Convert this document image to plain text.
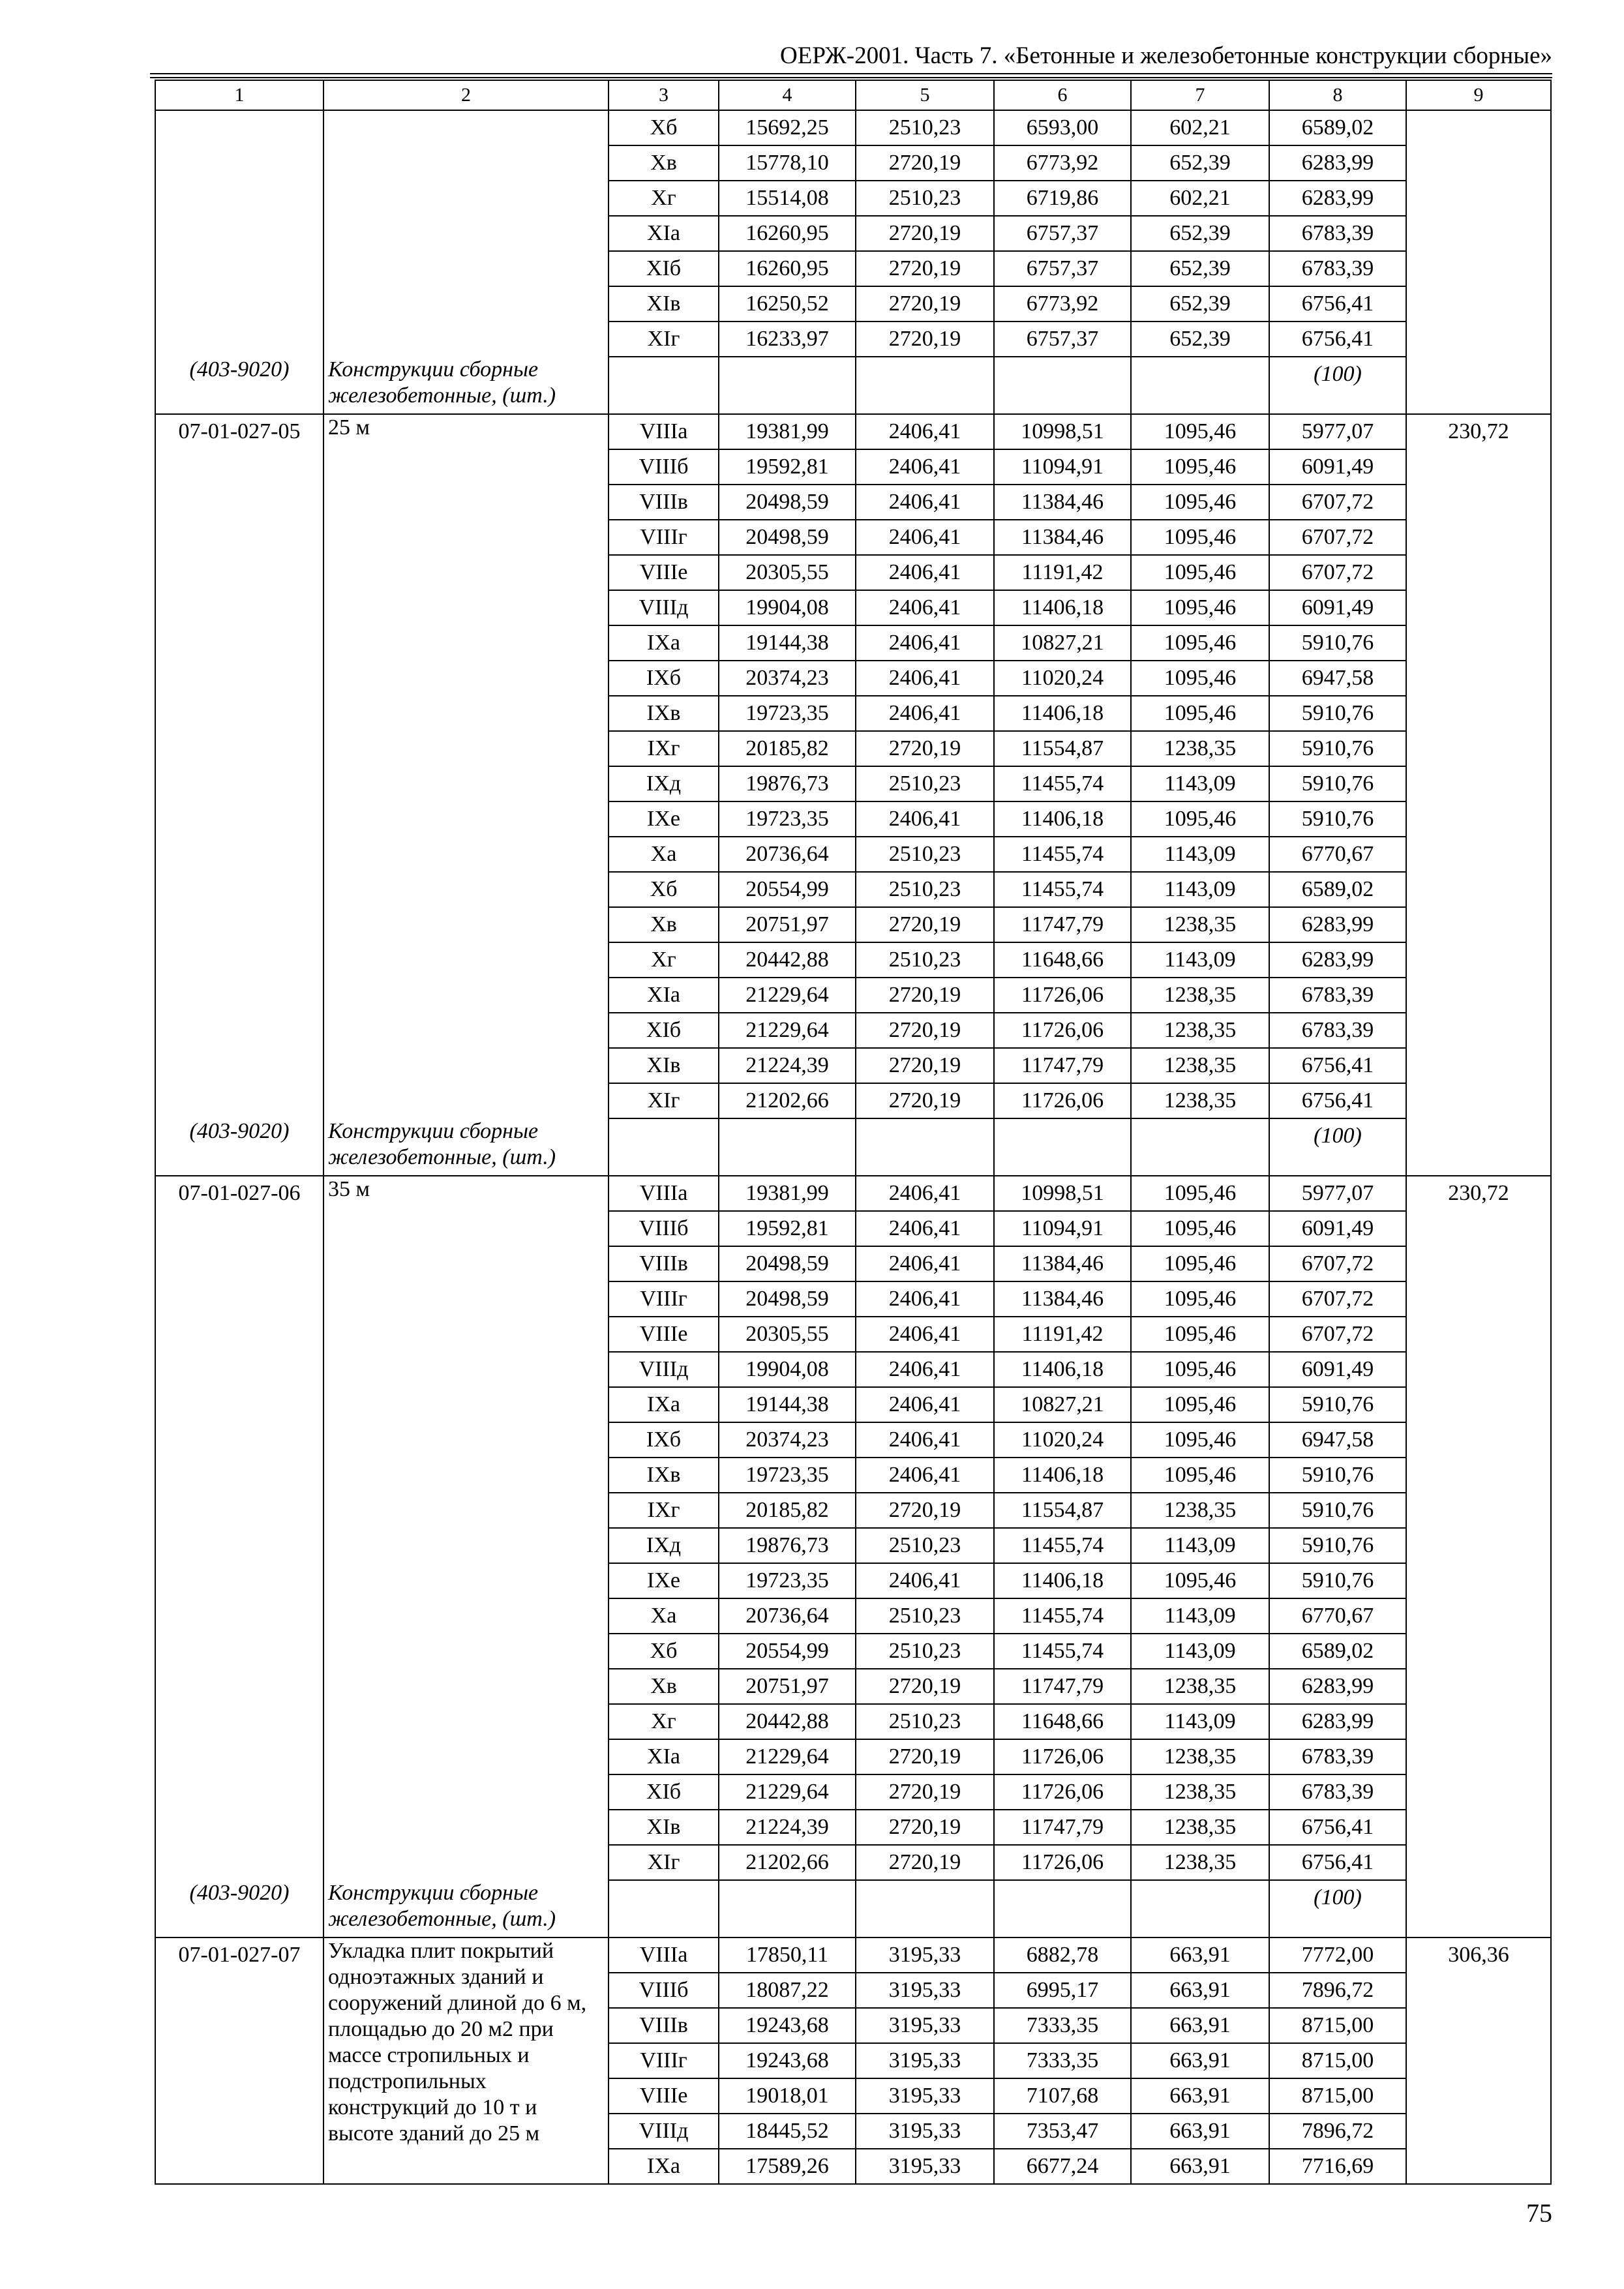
ОЕРЖ-2001. Часть 7. «Бетонные и железобетонные конструкции сборные»
1	2	3	4	5	6	7	8	9
		Хб	15692,25	2510,23	6593,00	602,21	6589,02	
		Хв	15778,10	2720,19	6773,92	652,39	6283,99	
		Хг	15514,08	2510,23	6719,86	602,21	6283,99	
		ХIа	16260,95	2720,19	6757,37	652,39	6783,39	
		ХIб	16260,95	2720,19	6757,37	652,39	6783,39	
		ХIв	16250,52	2720,19	6773,92	652,39	6756,41	
		ХIг	16233,97	2720,19	6757,37	652,39	6756,41	
(403-9020)	Конструкции сборные железобетонные, (шт.)						(100)	
07-01-027-05	25 м	VIIIа	19381,99	2406,41	10998,51	1095,46	5977,07	230,72
		VIIIб	19592,81	2406,41	11094,91	1095,46	6091,49	
		VIIIв	20498,59	2406,41	11384,46	1095,46	6707,72	
		VIIIг	20498,59	2406,41	11384,46	1095,46	6707,72	
		VIIIе	20305,55	2406,41	11191,42	1095,46	6707,72	
		VIIIд	19904,08	2406,41	11406,18	1095,46	6091,49	
		IХа	19144,38	2406,41	10827,21	1095,46	5910,76	
		IХб	20374,23	2406,41	11020,24	1095,46	6947,58	
		IХв	19723,35	2406,41	11406,18	1095,46	5910,76	
		IХг	20185,82	2720,19	11554,87	1238,35	5910,76	
		IХд	19876,73	2510,23	11455,74	1143,09	5910,76	
		IХе	19723,35	2406,41	11406,18	1095,46	5910,76	
		Ха	20736,64	2510,23	11455,74	1143,09	6770,67	
		Хб	20554,99	2510,23	11455,74	1143,09	6589,02	
		Хв	20751,97	2720,19	11747,79	1238,35	6283,99	
		Хг	20442,88	2510,23	11648,66	1143,09	6283,99	
		ХIа	21229,64	2720,19	11726,06	1238,35	6783,39	
		ХIб	21229,64	2720,19	11726,06	1238,35	6783,39	
		ХIв	21224,39	2720,19	11747,79	1238,35	6756,41	
		ХIг	21202,66	2720,19	11726,06	1238,35	6756,41	
(403-9020)	Конструкции сборные железобетонные, (шт.)						(100)	
07-01-027-06	35 м	VIIIа	19381,99	2406,41	10998,51	1095,46	5977,07	230,72
		VIIIб	19592,81	2406,41	11094,91	1095,46	6091,49	
		VIIIв	20498,59	2406,41	11384,46	1095,46	6707,72	
		VIIIг	20498,59	2406,41	11384,46	1095,46	6707,72	
		VIIIе	20305,55	2406,41	11191,42	1095,46	6707,72	
		VIIIд	19904,08	2406,41	11406,18	1095,46	6091,49	
		IХа	19144,38	2406,41	10827,21	1095,46	5910,76	
		IХб	20374,23	2406,41	11020,24	1095,46	6947,58	
		IХв	19723,35	2406,41	11406,18	1095,46	5910,76	
		IХг	20185,82	2720,19	11554,87	1238,35	5910,76	
		IХд	19876,73	2510,23	11455,74	1143,09	5910,76	
		IХе	19723,35	2406,41	11406,18	1095,46	5910,76	
		Ха	20736,64	2510,23	11455,74	1143,09	6770,67	
		Хб	20554,99	2510,23	11455,74	1143,09	6589,02	
		Хв	20751,97	2720,19	11747,79	1238,35	6283,99	
		Хг	20442,88	2510,23	11648,66	1143,09	6283,99	
		ХIа	21229,64	2720,19	11726,06	1238,35	6783,39	
		ХIб	21229,64	2720,19	11726,06	1238,35	6783,39	
		ХIв	21224,39	2720,19	11747,79	1238,35	6756,41	
		ХIг	21202,66	2720,19	11726,06	1238,35	6756,41	
(403-9020)	Конструкции сборные железобетонные, (шт.)						(100)	
07-01-027-07	Укладка плит покрытий одноэтажных зданий и сооружений длиной до 6 м, площадью до 20 м2 при массе стропильных и подстропильных конструкций до 10 т и высоте зданий до 25 м	VIIIа	17850,11	3195,33	6882,78	663,91	7772,00	306,36
		VIIIб	18087,22	3195,33	6995,17	663,91	7896,72	
		VIIIв	19243,68	3195,33	7333,35	663,91	8715,00	
		VIIIг	19243,68	3195,33	7333,35	663,91	8715,00	
		VIIIе	19018,01	3195,33	7107,68	663,91	8715,00	
		VIIIд	18445,52	3195,33	7353,47	663,91	7896,72	
		IХа	17589,26	3195,33	6677,24	663,91	7716,69	
75
